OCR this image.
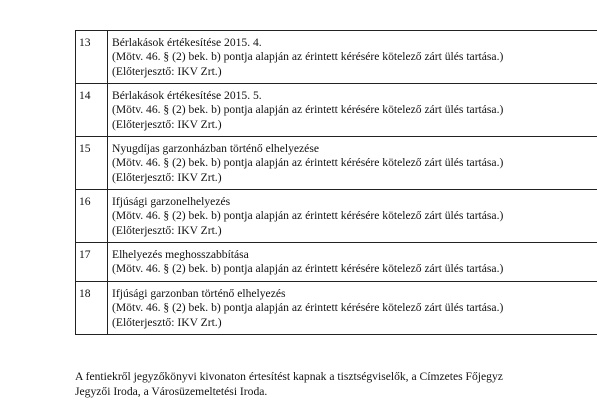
13	Bérlakások értékesítése 2015. 4.
(Mötv. 46. § (2) bek. b) pontja alapján az érintett kérésére kötelező zárt ülés tartása.)
(Előterjesztő: IKV Zrt.)

14	Bérlakások értékesítése 2015. 5.
(Mötv. 46. § (2) bek. b) pontja alapján az érintett kérésére kötelező zárt ülés tartása.)
(Előterjesztő: IKV Zrt.)

15	Nyugdíjas garzonházban történő elhelyezése
(Mötv. 46. § (2) bek. b) pontja alapján az érintett kérésére kötelező zárt ülés tartása.)
(Előterjesztő: IKV Zrt.)

16	Ifjúsági garzonelhelyezés
(Mötv. 46. § (2) bek. b) pontja alapján az érintett kérésére kötelező zárt ülés tartása.)
(Előterjesztő: IKV Zrt.)

17	Elhelyezés meghosszabbítása
(Mötv. 46. § (2) bek. b) pontja alapján az érintett kérésére kötelező zárt ülés tartása.)

18	Ifjúsági garzonban történő elhelyezés
(Mötv. 46. § (2) bek. b) pontja alapján az érintett kérésére kötelező zárt ülés tartása.)
(Előterjesztő: IKV Zrt.)
A fentiekről jegyzőkönyvi kivonaton értesítést kapnak a tisztségviselők, a Címzetes Főjegyz
Jegyzői Iroda, a Városüzemeltetési Iroda.
